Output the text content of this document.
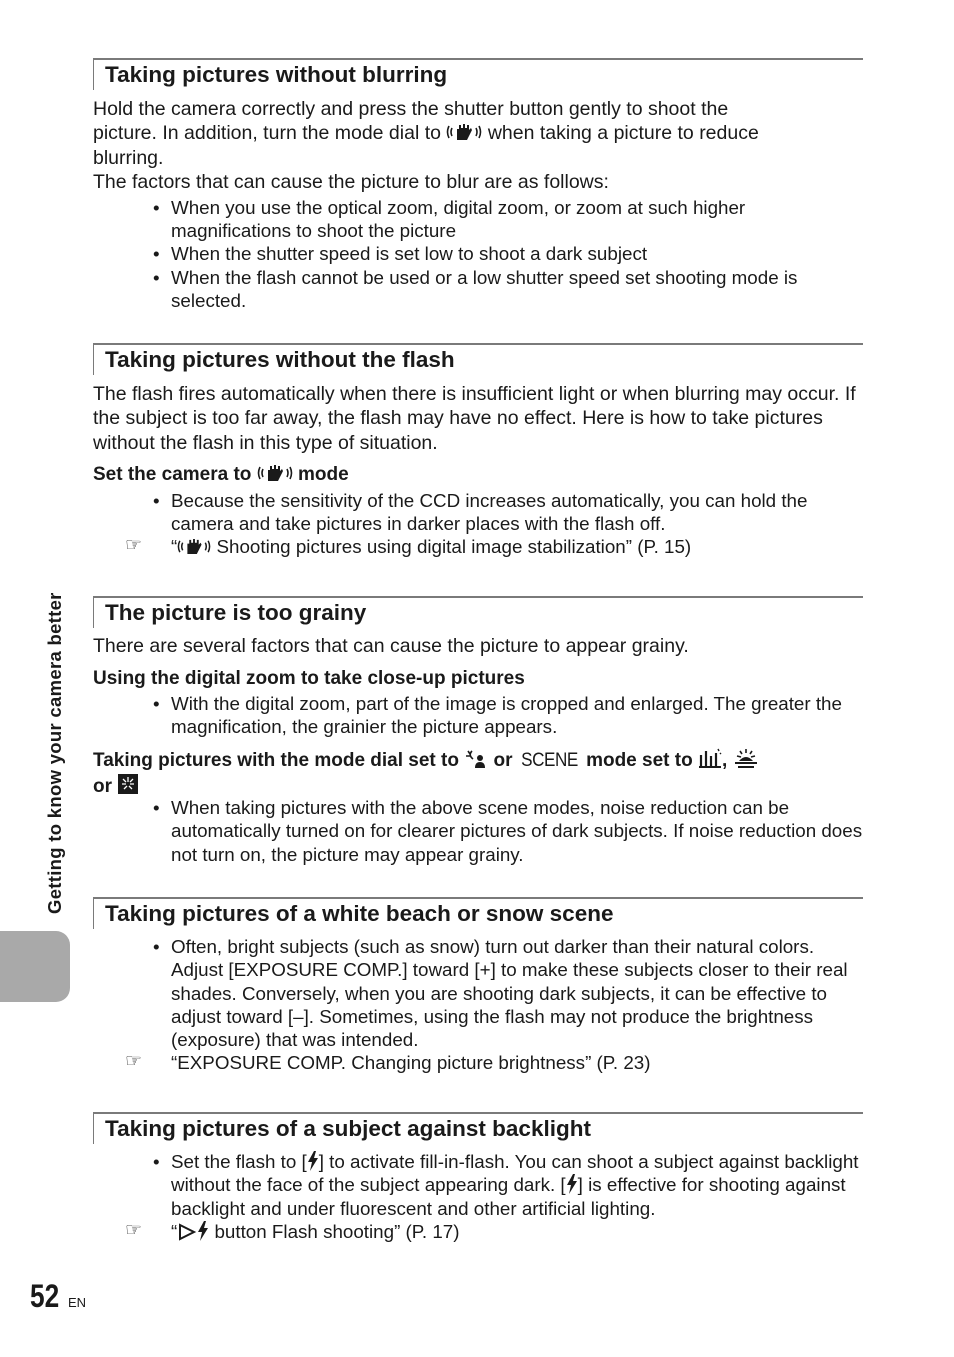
Taking pictures without blurring
Hold the camera correctly and press the shutter button gently to shoot the
picture. In addition, turn the mode dial to when taking a picture to reduce
blurring.
The factors that can cause the picture to blur are as follows:
• When you use the optical zoom, digital zoom, or zoom at such higher magnifications to shoot the picture
• When the shutter speed is set low to shoot a dark subject
• When the flash cannot be used or a low shutter speed set shooting mode is selected.
Taking pictures without the flash
The flash fires automatically when there is insufficient light or when blurring may occur. If the subject is too far away, the flash may have no effect. Here is how to take pictures without the flash in this type of situation.
Set the camera to mode
• Because the sensitivity of the CCD increases automatically, you can hold the camera and take pictures in darker places with the flash off.
☞ “ Shooting pictures using digital image stabilization” (P. 15)
The picture is too grainy
There are several factors that can cause the picture to appear grainy.
Using the digital zoom to take close-up pictures
• With the digital zoom, part of the image is cropped and enlarged. The greater the magnification, the grainier the picture appears.
Taking pictures with the mode dial set to or SCENE mode set to ,
or
• When taking pictures with the above scene modes, noise reduction can be automatically turned on for clearer pictures of dark subjects. If noise reduction does not turn on, the picture may appear grainy.
Taking pictures of a white beach or snow scene
• Often, bright subjects (such as snow) turn out darker than their natural colors. Adjust [EXPOSURE COMP.] toward [+] to make these subjects closer to their real shades. Conversely, when you are shooting dark subjects, it can be effective to adjust toward [–]. Sometimes, using the flash may not produce the brightness (exposure) that was intended.
☞ “EXPOSURE COMP. Changing picture brightness” (P. 23)
Taking pictures of a subject against backlight
• Set the flash to [ ] to activate fill-in-flash. You can shoot a subject against backlight without the face of the subject appearing dark. [ ] is effective for shooting against backlight and under fluorescent and other artificial lighting.
☞ “ button Flash shooting” (P. 17)
Getting to know your camera better
52 EN
